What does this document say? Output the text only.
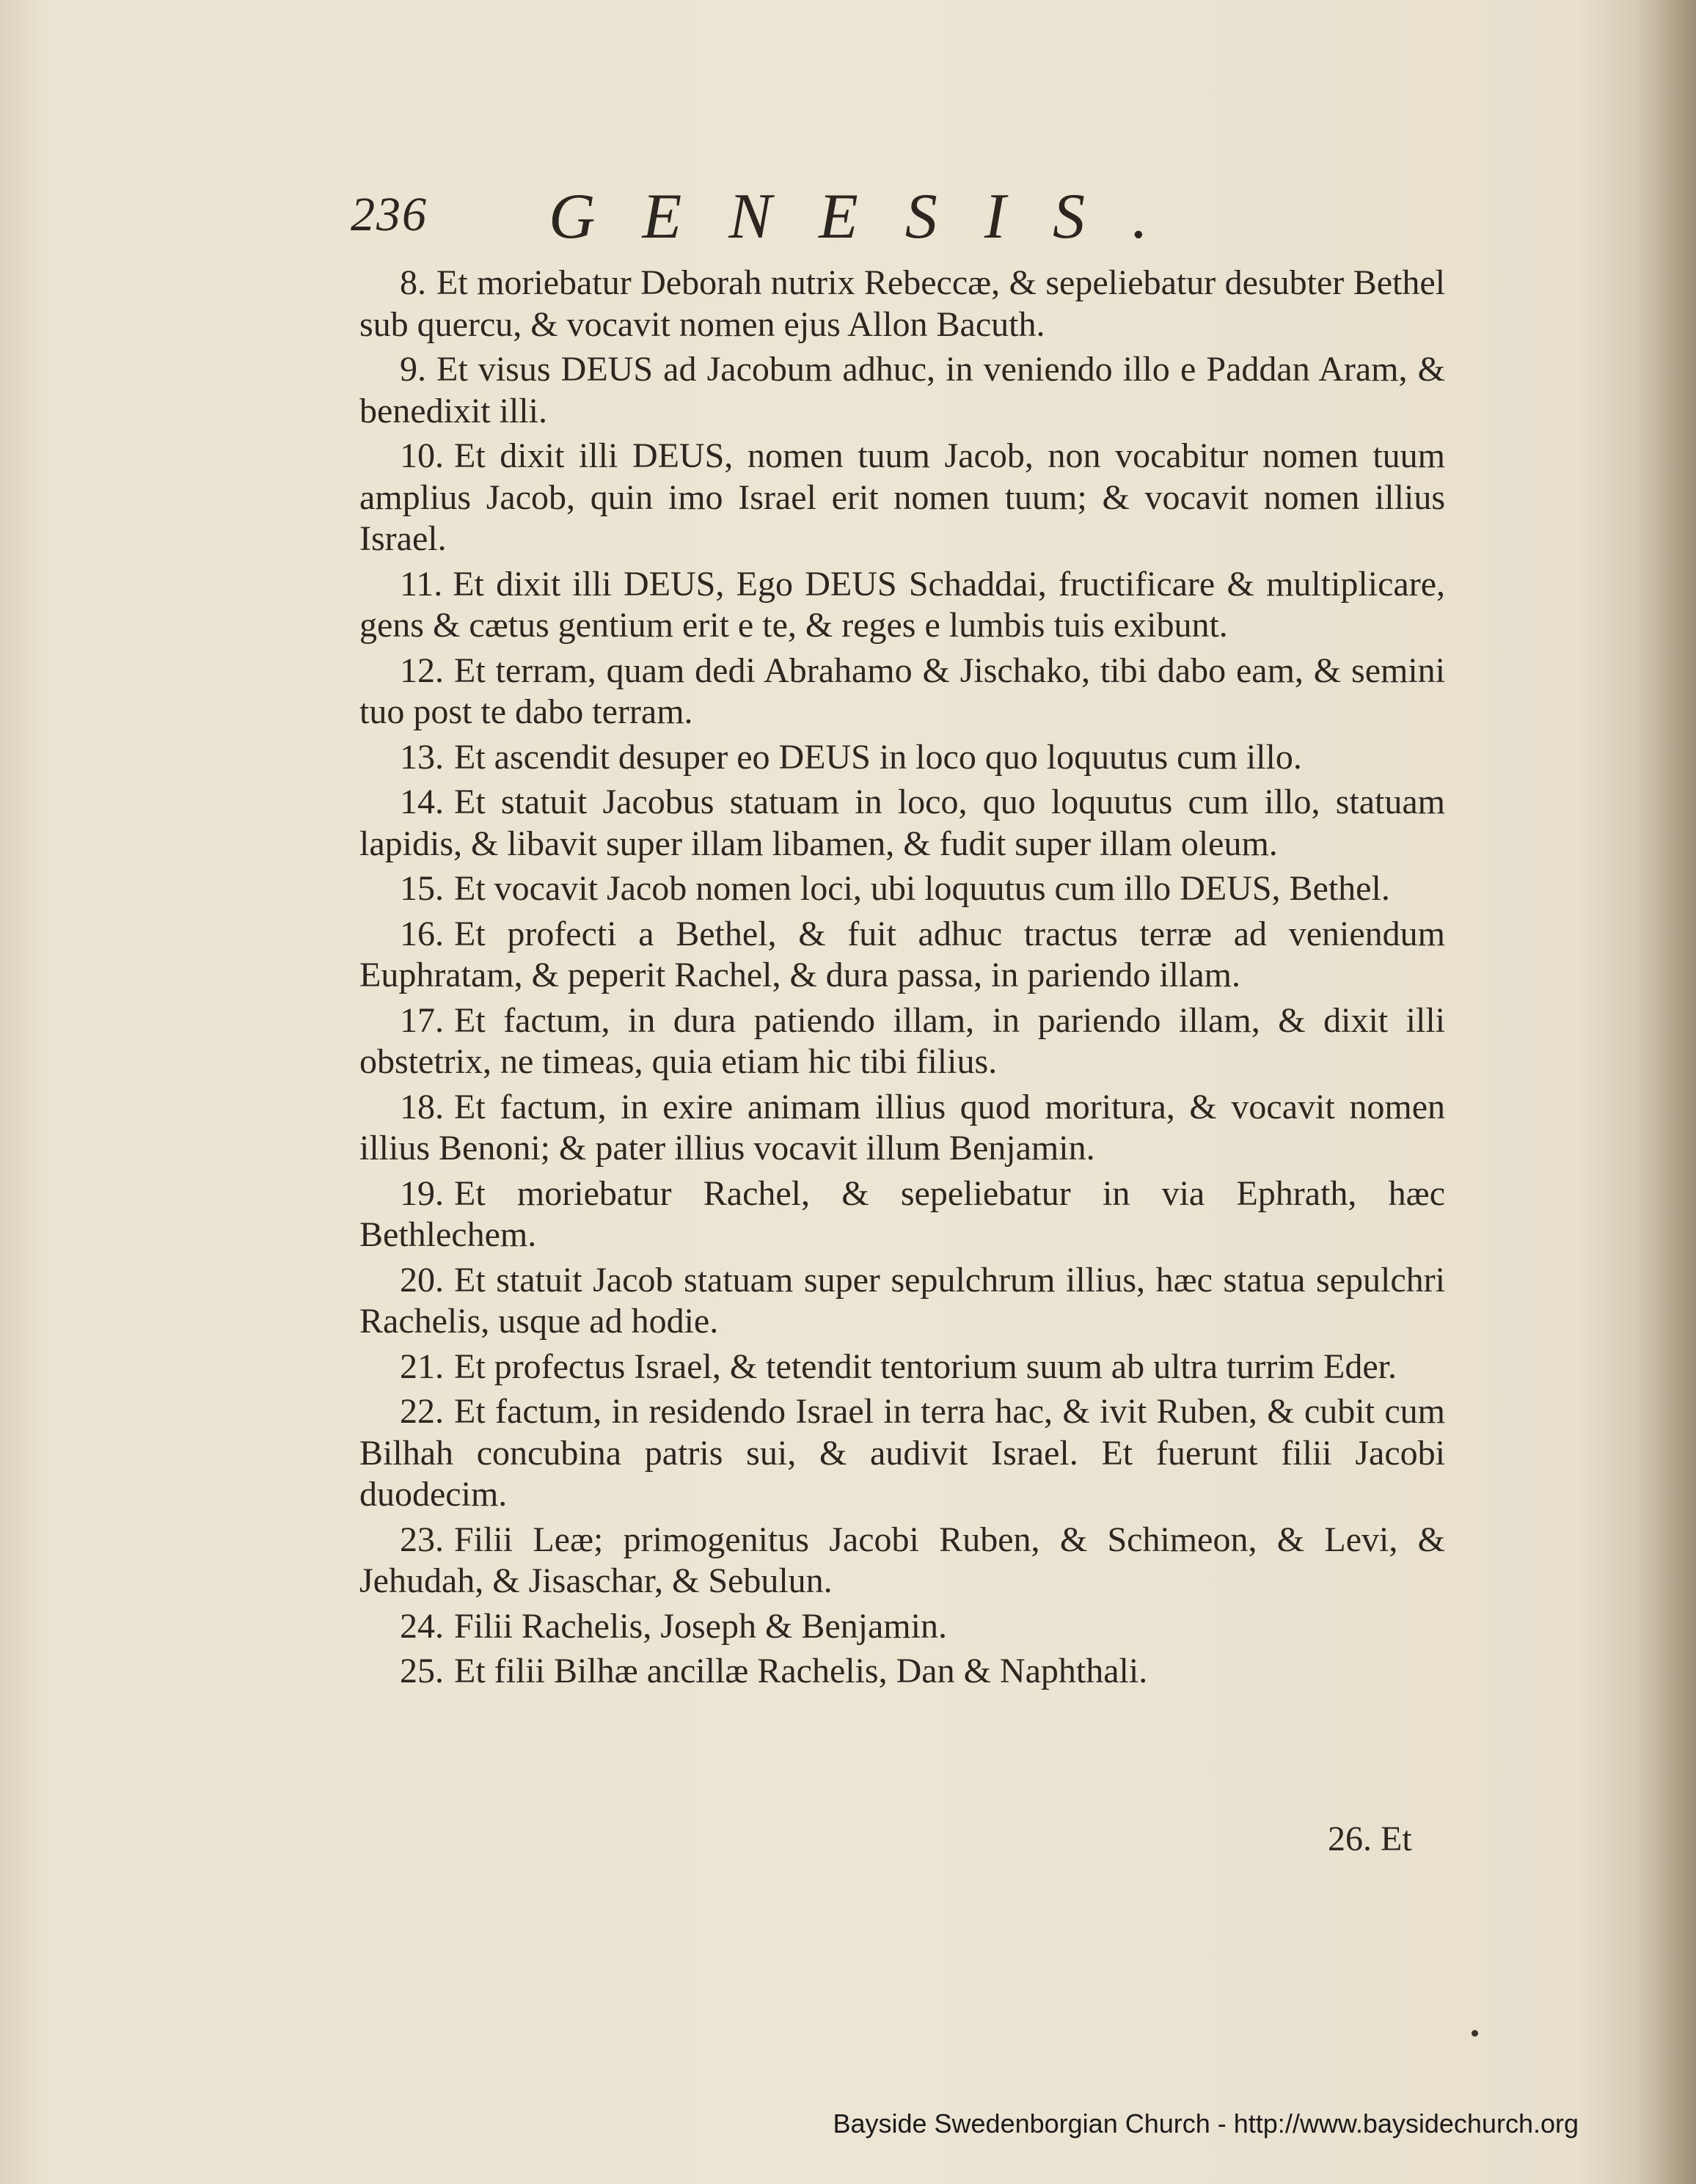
236 GENESIS.

8. Et moriebatur Deborah nutrix Rebeccæ, & sepeliebatur desubter Bethel sub quercu, & vocavit nomen ejus Allon Bacuth.

9. Et visus DEUS ad Jacobum adhuc, in veniendo illo e Paddan Aram, & benedixit illi.

10. Et dixit illi DEUS, nomen tuum Jacob, non vocabitur nomen tuum amplius Jacob, quin imo Israel erit nomen tuum; & vocavit nomen illius Israel.

11. Et dixit illi DEUS, Ego DEUS Schaddai, fructificare & multiplicare, gens & cætus gentium erit e te, & reges e lumbis tuis exibunt.

12. Et terram, quam dedi Abrahamo & Jischako, tibi dabo eam, & semini tuo post te dabo terram.

13. Et ascendit desuper eo DEUS in loco quo loquutus cum illo.

14. Et statuit Jacobus statuam in loco, quo loquutus cum illo, statuam lapidis, & libavit super illam libamen, & fudit super illam oleum.

15. Et vocavit Jacob nomen loci, ubi loquutus cum illo DEUS, Bethel.

16. Et profecti a Bethel, & fuit adhuc tractus terræ ad veniendum Euphratam, & peperit Rachel, & dura passa, in pariendo illam.

17. Et factum, in dura patiendo illam, in pariendo illam, & dixit illi obstetrix, ne timeas, quia etiam hic tibi filius.

18. Et factum, in exire animam illius quod moritura, & vocavit nomen illius Benoni; & pater illius vocavit illum Benjamin.

19. Et moriebatur Rachel, & sepeliebatur in via Ephrath, hæc Bethlechem.

20. Et statuit Jacob statuam super sepulchrum illius, hæc statua sepulchri Rachelis, usque ad hodie.

21. Et profectus Israel, & tetendit tentorium suum ab ultra turrim Eder.

22. Et factum, in residendo Israel in terra hac, & ivit Ruben, & cubit cum Bilhah concubina patris sui, & audivit Israel. Et fuerunt filii Jacobi duodecim.

23. Filii Leæ; primogenitus Jacobi Ruben, & Schimeon, & Levi, & Jehudah, & Jisaschar, & Sebulun.

24. Filii Rachelis, Joseph & Benjamin.

25. Et filii Bilhæ ancillæ Rachelis, Dan & Naphthali.

26. Et
Bayside Swedenborgian Church - http://www.baysidechurch.org
